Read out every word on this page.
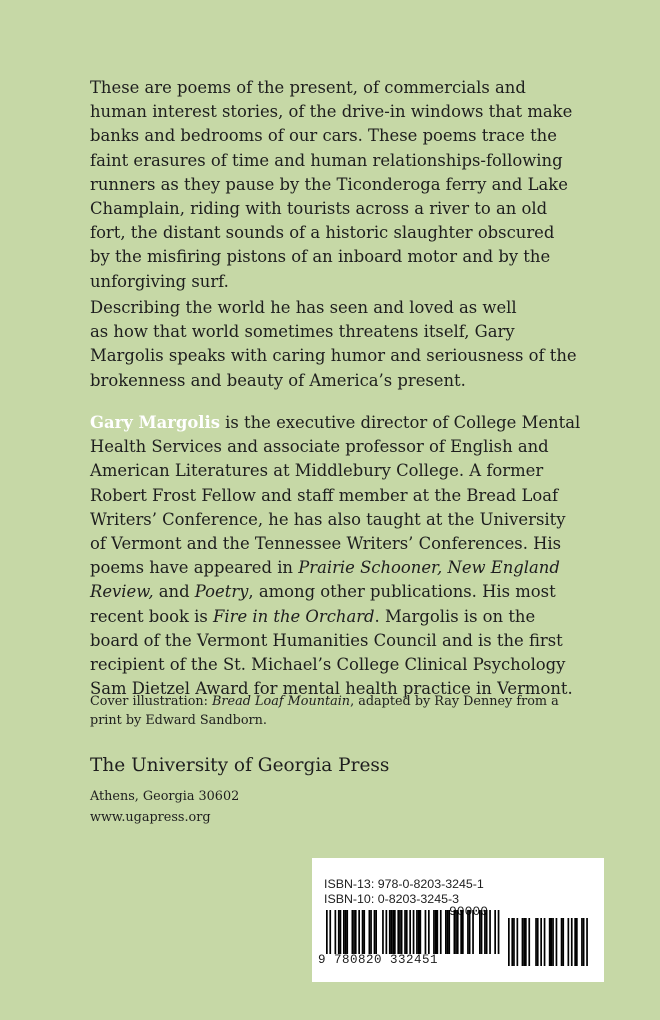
These are poems of the present, of commercials and
human interest stories, of the drive-in windows that make
banks and bedrooms of our cars. These poems trace the
faint erasures of time and human relationships-following
runners as they pause by the Ticonderoga ferry and Lake
Champlain, riding with tourists across a river to an old
fort, the distant sounds of a historic slaughter obscured
by the misfiring pistons of an inboard motor and by the
unforgiving surf.
Describing the world he has seen and loved as well
as how that world sometimes threatens itself, Gary
Margolis speaks with caring humor and seriousness of the
brokenness and beauty of America’s present.
Gary Margolis is the executive director of College Mental
Health Services and associate professor of English and
American Literatures at Middlebury College. A former
Robert Frost Fellow and staff member at the Bread Loaf
Writers’ Conference, he has also taught at the University
of Vermont and the Tennessee Writers’ Conferences. His
poems have appeared in Prairie Schooner, New England
Review, and Poetry, among other publications. His most
recent book is Fire in the Orchard. Margolis is on the
board of the Vermont Humanities Council and is the first
recipient of the St. Michael’s College Clinical Psychology
Sam Dietzel Award for mental health practice in Vermont.
Cover illustration: Bread Loaf Mountain, adapted by Ray Denney from a
print by Edward Sandborn.
The University of Georgia Press
Athens, Georgia 30602
www.ugapress.org
ISBN-13: 978-0-8203-3245-1
ISBN-10: 0-8203-3245-3
9 780820 332451
